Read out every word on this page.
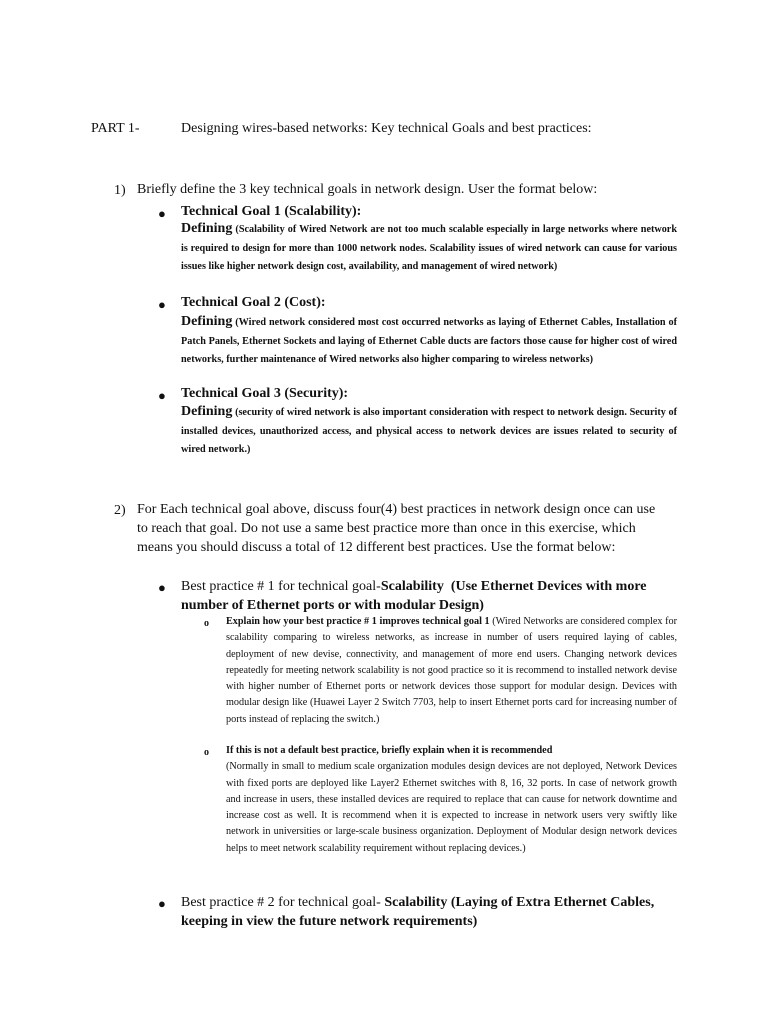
PART 1-	Designing wires-based networks: Key technical Goals and best practices:
1) Briefly define the 3 key technical goals in network design. User the format below:
● Technical Goal 1 (Scalability):
Defining (Scalability of Wired Network are not too much scalable especially in large networks where network is required to design for more than 1000 network nodes. Scalability issues of wired network can cause for various issues like higher network design cost, availability, and management of wired network)
● Technical Goal 2 (Cost):
Defining (Wired network considered most cost occurred networks as laying of Ethernet Cables, Installation of Patch Panels, Ethernet Sockets and laying of Ethernet Cable ducts are factors those cause for higher cost of wired networks, further maintenance of Wired networks also higher comparing to wireless networks)
● Technical Goal 3 (Security):
Defining (security of wired network is also important consideration with respect to network design. Security of installed devices, unauthorized access, and physical access to network devices are issues related to security of wired network.)
2) For Each technical goal above, discuss four(4) best practices in network design once can use to reach that goal. Do not use a same best practice more than once in this exercise, which means you should discuss a total of 12 different best practices. Use the format below:
● Best practice # 1 for technical goal-Scalability (Use Ethernet Devices with more number of Ethernet ports or with modular Design)
o Explain how your best practice # 1 improves technical goal 1 (Wired Networks are considered complex for scalability comparing to wireless networks, as increase in number of users required laying of cables, deployment of new devise, connectivity, and management of more end users. Changing network devices repeatedly for meeting network scalability is not good practice so it is recommend to installed network devise with higher number of Ethernet ports or network devices those support for modular design. Devices with modular design like (Huawei Layer 2 Switch 7703, help to insert Ethernet ports card for increasing number of ports instead of replacing the switch.)
o If this is not a default best practice, briefly explain when it is recommended
(Normally in small to medium scale organization modules design devices are not deployed, Network Devices with fixed ports are deployed like Layer2 Ethernet switches with 8, 16, 32 ports. In case of network growth and increase in users, these installed devices are required to replace that can cause for network downtime and increase cost as well. It is recommend when it is expected to increase in network users very swiftly like network in universities or large-scale business organization. Deployment of Modular design network devices helps to meet network scalability requirement without replacing devices.)
● Best practice # 2 for technical goal- Scalability (Laying of Extra Ethernet Cables, keeping in view the future network requirements)
